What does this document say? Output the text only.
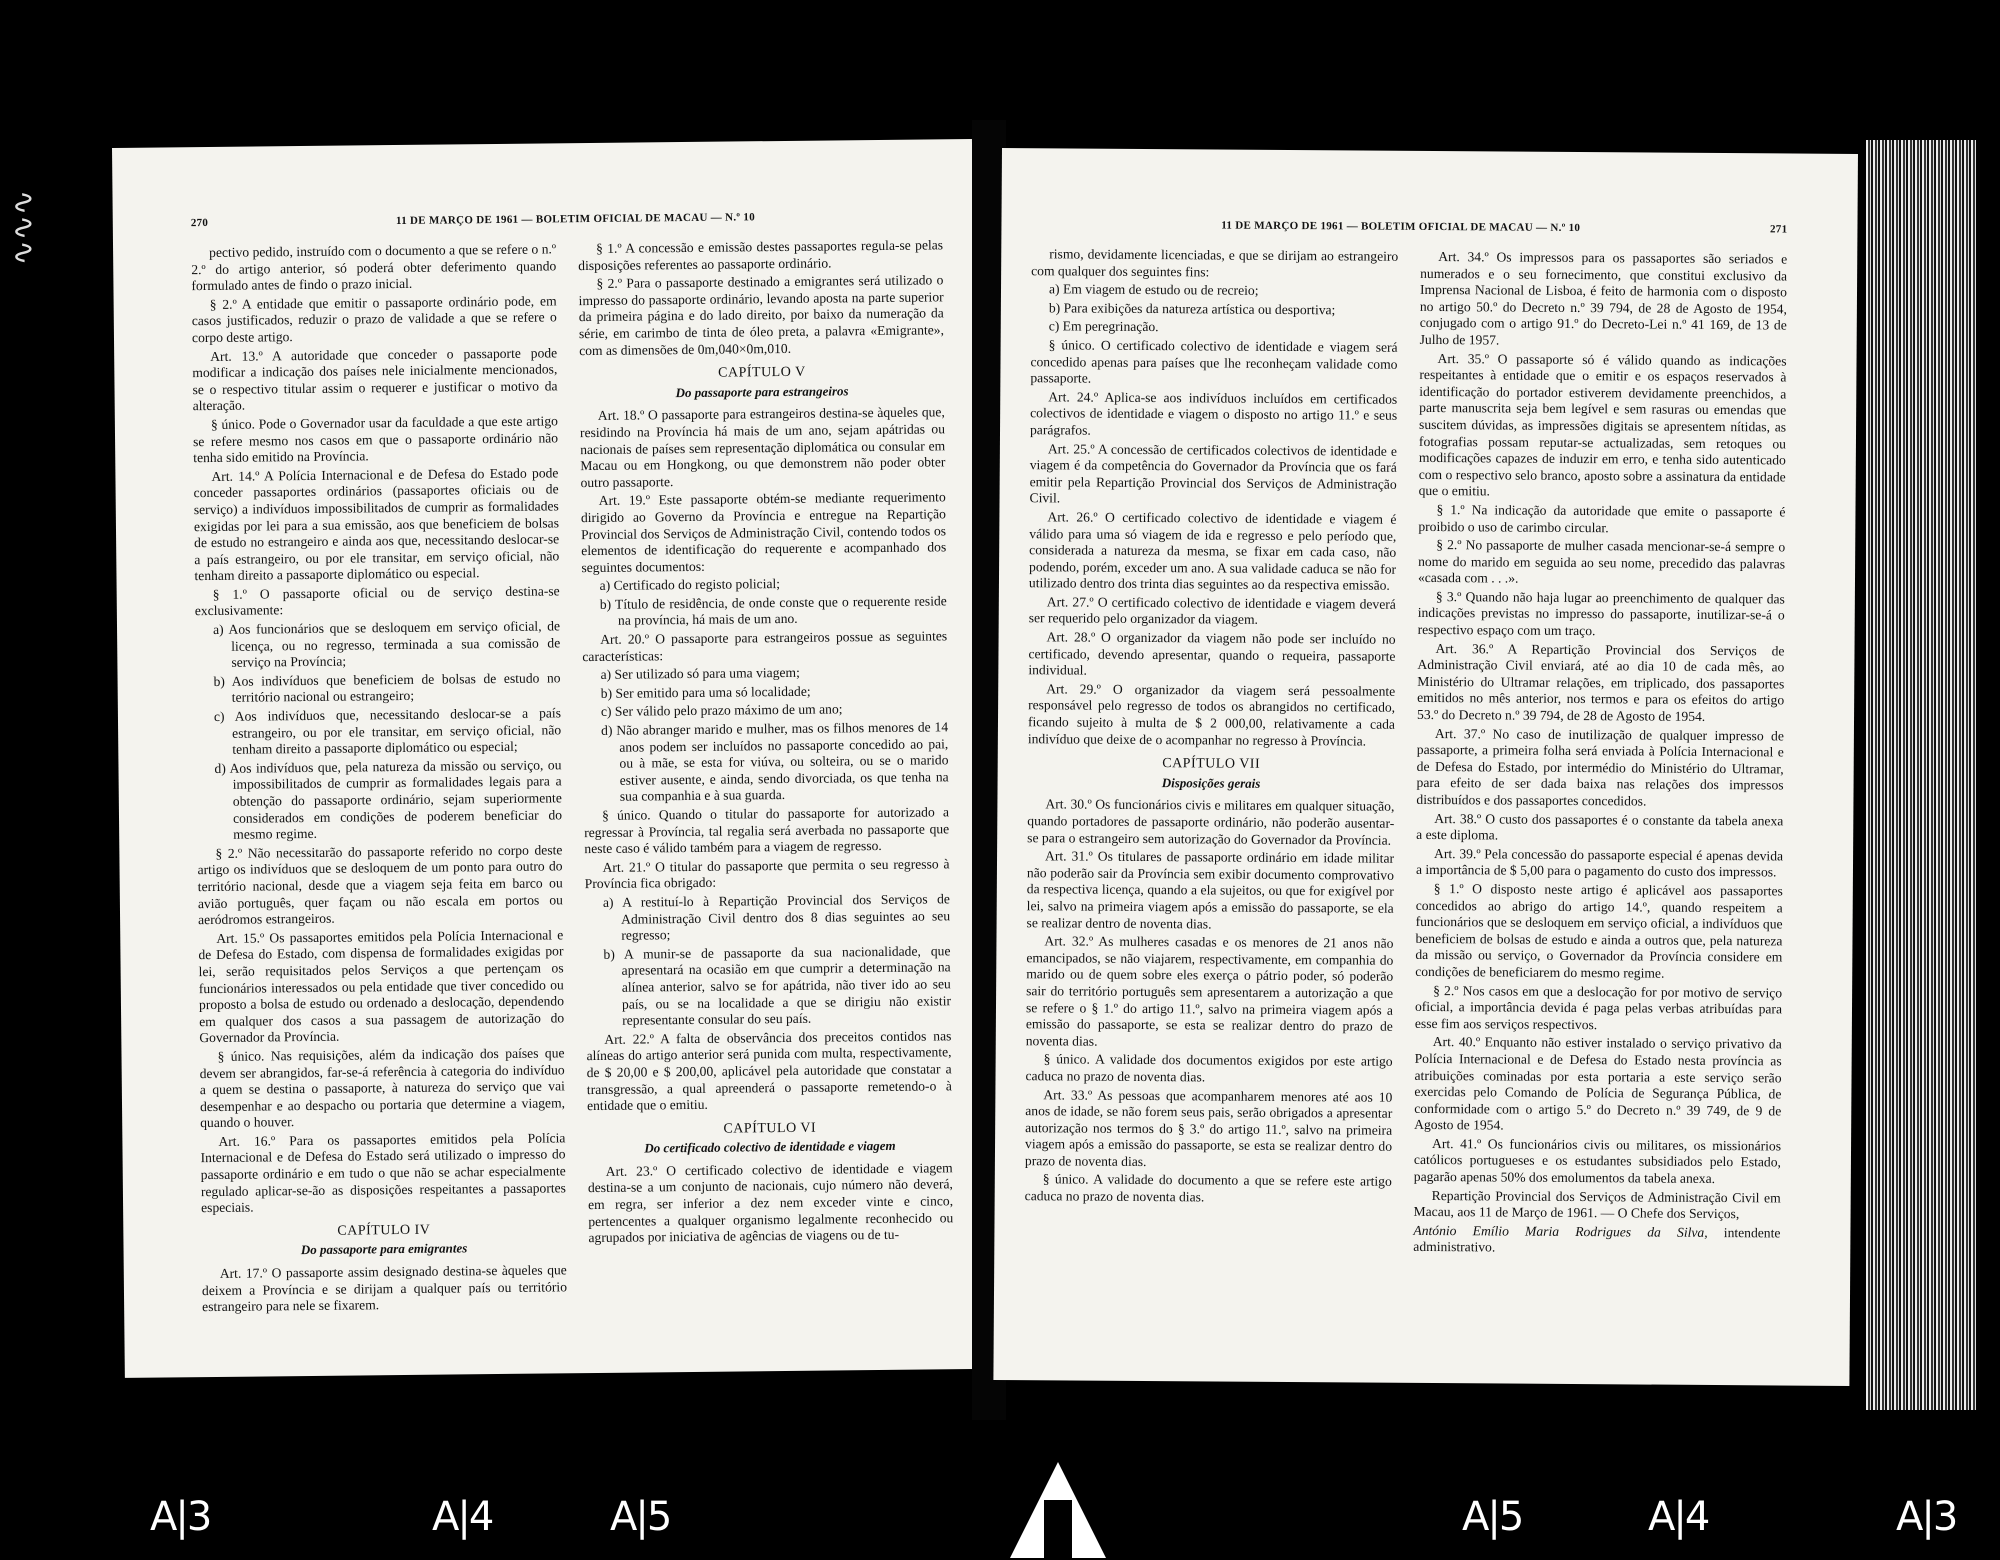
∿∿∿	270	11 DE MARÇO DE 1961 — BOLETIM OFICIAL DE MACAU — N.º 10

pectivo pedido, instruído com o documento a que se refere o n.º 2.º do artigo anterior, só poderá obter deferimento quando formulado antes de findo o prazo inicial.

§ 2.º A entidade que emitir o passaporte ordinário pode, em casos justificados, reduzir o prazo de validade a que se refere o corpo deste artigo.

Art. 13.º A autoridade que conceder o passaporte pode modificar a indicação dos países nele inicialmente mencionados, se o respectivo titular assim o requerer e justificar o motivo da alteração.

§ único. Pode o Governador usar da faculdade a que este artigo se refere mesmo nos casos em que o passaporte ordinário não tenha sido emitido na Província.

Art. 14.º A Polícia Internacional e de Defesa do Estado pode conceder passaportes ordinários (passaportes oficiais ou de serviço) a indivíduos impossibilitados de cumprir as formalidades exigidas por lei para a sua emissão, aos que beneficiem de bolsas de estudo no estrangeiro e ainda aos que, necessitando deslocar-se a país estrangeiro, ou por ele transitar, em serviço oficial, não tenham direito a passaporte diplomático ou especial.

§ 1.º O passaporte oficial ou de serviço destina-se exclusivamente:

a) Aos funcionários que se desloquem em serviço oficial, de licença, ou no regresso, terminada a sua comissão de serviço na Província;

b) Aos indivíduos que beneficiem de bolsas de estudo no território nacional ou estrangeiro;

c) Aos indivíduos que, necessitando deslocar-se a país estrangeiro, ou por ele transitar, em serviço oficial, não tenham direito a passaporte diplomático ou especial;

d) Aos indivíduos que, pela natureza da missão ou serviço, ou impossibilitados de cumprir as formalidades legais para a obtenção do passaporte ordinário, sejam superiormente considerados em condições de poderem beneficiar do mesmo regime.

§ 2.º Não necessitarão do passaporte referido no corpo deste artigo os indivíduos que se desloquem de um ponto para outro do território nacional, desde que a viagem seja feita em barco ou avião português, quer façam ou não escala em portos ou aeródromos estrangeiros.

Art. 15.º Os passaportes emitidos pela Polícia Internacional e de Defesa do Estado, com dispensa de formalidades exigidas por lei, serão requisitados pelos Serviços a que pertençam os funcionários interessados ou pela entidade que tiver concedido ou proposto a bolsa de estudo ou ordenado a deslocação, dependendo em qualquer dos casos a sua passagem de autorização do Governador da Província.

§ único. Nas requisições, além da indicação dos países que devem ser abrangidos, far-se-á referência à categoria do indivíduo a quem se destina o passaporte, à natureza do serviço que vai desempenhar e ao despacho ou portaria que determine a viagem, quando o houver.

Art. 16.º Para os passaportes emitidos pela Polícia Internacional e de Defesa do Estado será utilizado o impresso do passaporte ordinário e em tudo o que não se achar especialmente regulado aplicar-se-ão as disposições respeitantes a passaportes especiais.

CAPÍTULO IV
Do passaporte para emigrantes

Art. 17.º O passaporte assim designado destina-se àqueles que deixem a Província e se dirijam a qualquer país ou território estrangeiro para nele se fixarem.

§ 1.º A concessão e emissão destes passaportes regula-se pelas disposições referentes ao passaporte ordinário.

§ 2.º Para o passaporte destinado a emigrantes será utilizado o impresso do passaporte ordinário, levando aposta na parte superior da primeira página e do lado direito, por baixo da numeração da série, em carimbo de tinta de óleo preta, a palavra «Emigrante», com as dimensões de 0m,040×0m,010.

CAPÍTULO V
Do passaporte para estrangeiros

Art. 18.º O passaporte para estrangeiros destina-se àqueles que, residindo na Província há mais de um ano, sejam apátridas ou nacionais de países sem representação diplomática ou consular em Macau ou em Hongkong, ou que demonstrem não poder obter outro passaporte.

Art. 19.º Este passaporte obtém-se mediante requerimento dirigido ao Governo da Província e entregue na Repartição Provincial dos Serviços de Administração Civil, contendo todos os elementos de identificação do requerente e acompanhado dos seguintes documentos:

a) Certificado do registo policial;

b) Título de residência, de onde conste que o requerente reside na província, há mais de um ano.

Art. 20.º O passaporte para estrangeiros possue as seguintes características:

a) Ser utilizado só para uma viagem;

b) Ser emitido para uma só localidade;

c) Ser válido pelo prazo máximo de um ano;

d) Não abranger marido e mulher, mas os filhos menores de 14 anos podem ser incluídos no passaporte concedido ao pai, ou à mãe, se esta for viúva, ou solteira, ou se o marido estiver ausente, e ainda, sendo divorciada, os que tenha na sua companhia e à sua guarda.

§ único. Quando o titular do passaporte for autorizado a regressar à Província, tal regalia será averbada no passaporte que neste caso é válido também para a viagem de regresso.

Art. 21.º O titular do passaporte que permita o seu regresso à Província fica obrigado:

a) A restituí-lo à Repartição Provincial dos Serviços de Administração Civil dentro dos 8 dias seguintes ao seu regresso;

b) A munir-se de passaporte da sua nacionalidade, que apresentará na ocasião em que cumprir a determinação na alínea anterior, salvo se for apátrida, não tiver ido ao seu país, ou se na localidade a que se dirigiu não existir representante consular do seu país.

Art. 22.º A falta de observância dos preceitos contidos nas alíneas do artigo anterior será punida com multa, respectivamente, de $ 20,00 e $ 200,00, aplicável pela autoridade que constatar a transgressão, a qual apreenderá o passaporte remetendo-o à entidade que o emitiu.

CAPÍTULO VI
Do certificado colectivo de identidade e viagem

Art. 23.º O certificado colectivo de identidade e viagem destina-se a um conjunto de nacionais, cujo número não deverá, em regra, ser inferior a dez nem exceder vinte e cinco, pertencentes a qualquer organismo legalmente reconhecido ou agrupados por iniciativa de agências de viagens ou de tu-

11 DE MARÇO DE 1961 — BOLETIM OFICIAL DE MACAU — N.º 10	271

rismo, devidamente licenciadas, e que se dirijam ao estrangeiro com qualquer dos seguintes fins:

a) Em viagem de estudo ou de recreio;

b) Para exibições da natureza artística ou desportiva;

c) Em peregrinação.

§ único. O certificado colectivo de identidade e viagem será concedido apenas para países que lhe reconheçam validade como passaporte.

Art. 24.º Aplica-se aos indivíduos incluídos em certificados colectivos de identidade e viagem o disposto no artigo 11.º e seus parágrafos.

Art. 25.º A concessão de certificados colectivos de identidade e viagem é da competência do Governador da Província que os fará emitir pela Repartição Provincial dos Serviços de Administração Civil.

Art. 26.º O certificado colectivo de identidade e viagem é válido para uma só viagem de ida e regresso e pelo período que, considerada a natureza da mesma, se fixar em cada caso, não podendo, porém, exceder um ano. A sua validade caduca se não for utilizado dentro dos trinta dias seguintes ao da respectiva emissão.

Art. 27.º O certificado colectivo de identidade e viagem deverá ser requerido pelo organizador da viagem.

Art. 28.º O organizador da viagem não pode ser incluído no certificado, devendo apresentar, quando o requeira, passaporte individual.

Art. 29.º O organizador da viagem será pessoalmente responsável pelo regresso de todos os abrangidos no certificado, ficando sujeito à multa de $ 2 000,00, relativamente a cada indivíduo que deixe de o acompanhar no regresso à Província.

CAPÍTULO VII
Disposições gerais

Art. 30.º Os funcionários civis e militares em qualquer situação, quando portadores de passaporte ordinário, não poderão ausentar-se para o estrangeiro sem autorização do Governador da Província.

Art. 31.º Os titulares de passaporte ordinário em idade militar não poderão sair da Província sem exibir documento comprovativo da respectiva licença, quando a ela sujeitos, ou que for exigível por lei, salvo na primeira viagem após a emissão do passaporte, se ela se realizar dentro de noventa dias.

Art. 32.º As mulheres casadas e os menores de 21 anos não emancipados, se não viajarem, respectivamente, em companhia do marido ou de quem sobre eles exerça o pátrio poder, só poderão sair do território português sem apresentarem a autorização a que se refere o § 1.º do artigo 11.º, salvo na primeira viagem após a emissão do passaporte, se esta se realizar dentro do prazo de noventa dias.

§ único. A validade dos documentos exigidos por este artigo caduca no prazo de noventa dias.

Art. 33.º As pessoas que acompanharem menores até aos 10 anos de idade, se não forem seus pais, serão obrigados a apresentar autorização nos termos do § 3.º do artigo 11.º, salvo na primeira viagem após a emissão do passaporte, se esta se realizar dentro do prazo de noventa dias.

§ único. A validade do documento a que se refere este artigo caduca no prazo de noventa dias.

Art. 34.º Os impressos para os passaportes são seriados e numerados e o seu fornecimento, que constitui exclusivo da Imprensa Nacional de Lisboa, é feito de harmonia com o disposto no artigo 50.º do Decreto n.º 39 794, de 28 de Agosto de 1954, conjugado com o artigo 91.º do Decreto-Lei n.º 41 169, de 13 de Julho de 1957.

Art. 35.º O passaporte só é válido quando as indicações respeitantes à entidade que o emitir e os espaços reservados à identificação do portador estiverem devidamente preenchidos, a parte manuscrita seja bem legível e sem rasuras ou emendas que suscitem dúvidas, as impressões digitais se apresentem nítidas, as fotografias possam reputar-se actualizadas, sem retoques ou modificações capazes de induzir em erro, e tenha sido autenticado com o respectivo selo branco, aposto sobre a assinatura da entidade que o emitiu.

§ 1.º Na indicação da autoridade que emite o passaporte é proibido o uso de carimbo circular.

§ 2.º No passaporte de mulher casada mencionar-se-á sempre o nome do marido em seguida ao seu nome, precedido das palavras «casada com . . .».

§ 3.º Quando não haja lugar ao preenchimento de qualquer das indicações previstas no impresso do passaporte, inutilizar-se-á o respectivo espaço com um traço.

Art. 36.º A Repartição Provincial dos Serviços de Administração Civil enviará, até ao dia 10 de cada mês, ao Ministério do Ultramar relações, em triplicado, dos passaportes emitidos no mês anterior, nos termos e para os efeitos do artigo 53.º do Decreto n.º 39 794, de 28 de Agosto de 1954.

Art. 37.º No caso de inutilização de qualquer impresso de passaporte, a primeira folha será enviada à Polícia Internacional e de Defesa do Estado, por intermédio do Ministério do Ultramar, para efeito de ser dada baixa nas relações dos impressos distribuídos e dos passaportes concedidos.

Art. 38.º O custo dos passaportes é o constante da tabela anexa a este diploma.

Art. 39.º Pela concessão do passaporte especial é apenas devida a importância de $ 5,00 para o pagamento do custo dos impressos.

§ 1.º O disposto neste artigo é aplicável aos passaportes concedidos ao abrigo do artigo 14.º, quando respeitem a funcionários que se desloquem em serviço oficial, a indivíduos que beneficiem de bolsas de estudo e ainda a outros que, pela natureza da missão ou serviço, o Governador da Província considere em condições de beneficiarem do mesmo regime.

§ 2.º Nos casos em que a deslocação for por motivo de serviço oficial, a importância devida é paga pelas verbas atribuídas para esse fim aos serviços respectivos.

Art. 40.º Enquanto não estiver instalado o serviço privativo da Polícia Internacional e de Defesa do Estado nesta província as atribuições cominadas por esta portaria a este serviço serão exercidas pelo Comando de Polícia de Segurança Pública, de conformidade com o artigo 5.º do Decreto n.º 39 749, de 9 de Agosto de 1954.

Art. 41.º Os funcionários civis ou militares, os missionários católicos portugueses e os estudantes subsidiados pelo Estado, pagarão apenas 50% dos emolumentos da tabela anexa.

Repartição Provincial dos Serviços de Administração Civil em Macau, aos 11 de Março de 1961. — O Chefe dos Serviços,

António Emílio Maria Rodrigues da Silva, intendente administrativo.

A|3	A|4	A|5	A|5	A|4	A|3
